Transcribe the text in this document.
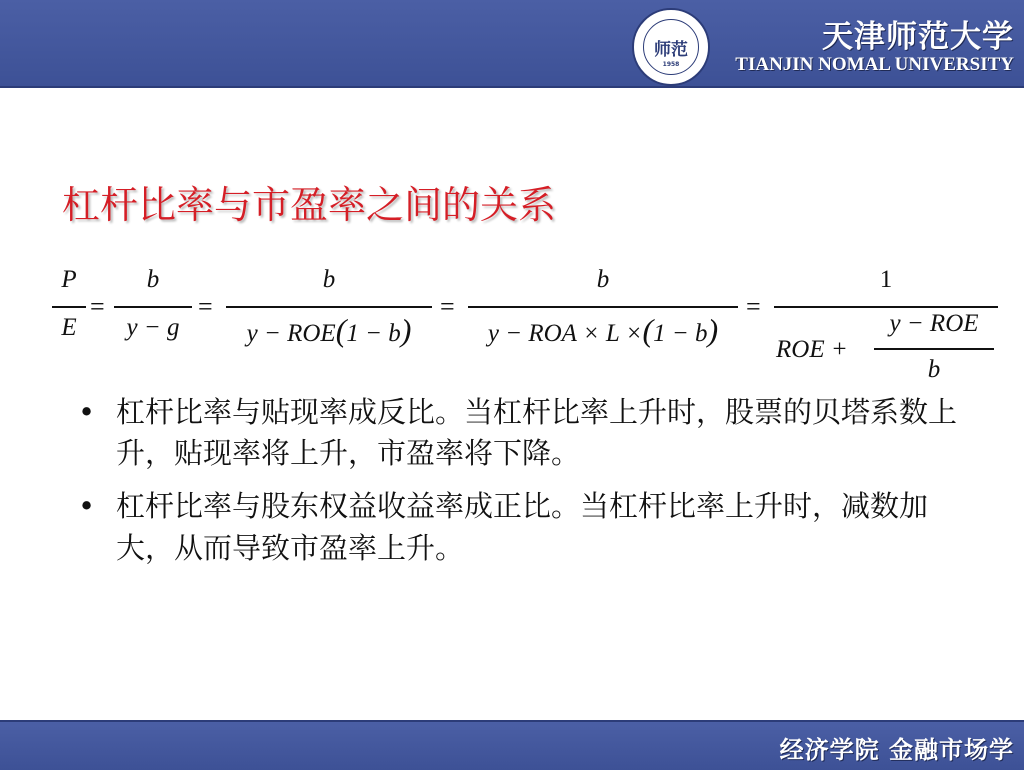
师范
1958
天津师范大学
TIANJIN NOMAL UNIVERSITY
杠杆比率与市盈率之间的关系
P
E
=
b
y − g
=
b
y − ROE(1 − b)
=
b
y − ROA × L ×(1 − b)
=
1
ROE +
y − ROE
b
• 杠杆比率与贴现率成反比。当杠杆比率上升时，股票的贝塔系数上升，贴现率将上升，市盈率将下降。
• 杠杆比率与股东权益收益率成正比。当杠杆比率上升时，减数加大，从而导致市盈率上升。
经济学院 金融市场学
